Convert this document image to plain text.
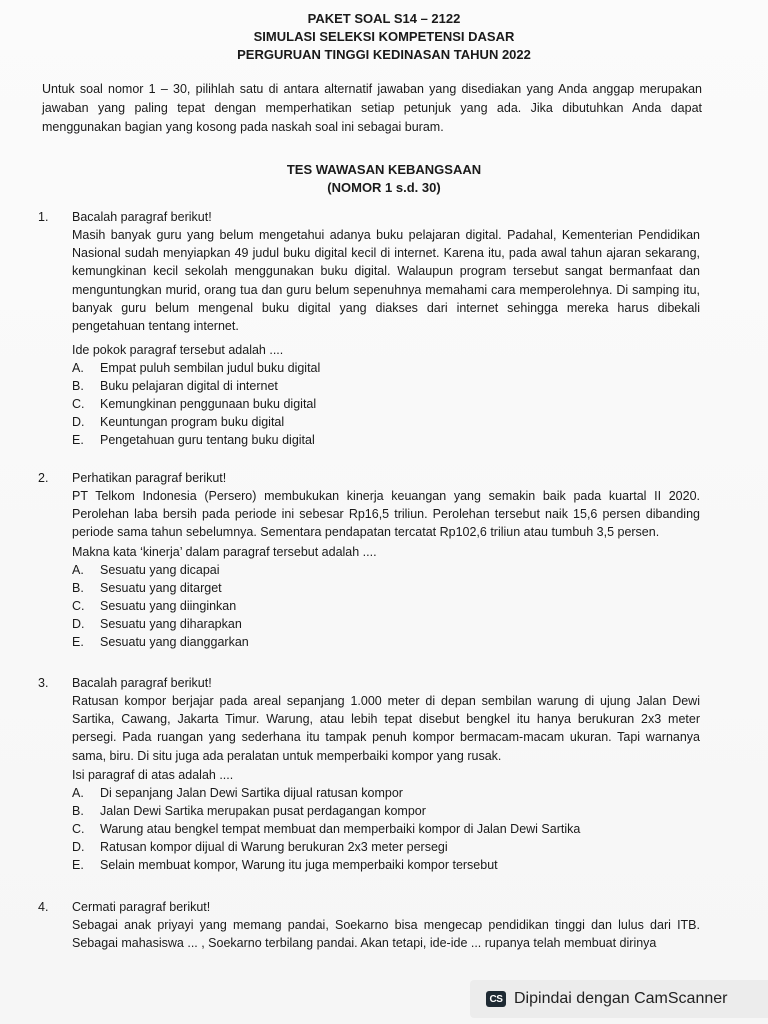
PAKET SOAL S14 – 2122
SIMULASI SELEKSI KOMPETENSI DASAR
PERGURUAN TINGGI KEDINASAN TAHUN 2022
Untuk soal nomor 1 – 30, pilihlah satu di antara alternatif jawaban yang disediakan yang Anda anggap merupakan jawaban yang paling tepat dengan memperhatikan setiap petunjuk yang ada. Jika dibutuhkan Anda dapat menggunakan bagian yang kosong pada naskah soal ini sebagai buram.
TES WAWASAN KEBANGSAAN
(NOMOR 1 s.d. 30)
1. Bacalah paragraf berikut!
Masih banyak guru yang belum mengetahui adanya buku pelajaran digital. Padahal, Kementerian Pendidikan Nasional sudah menyiapkan 49 judul buku digital kecil di internet. Karena itu, pada awal tahun ajaran sekarang, kemungkinan kecil sekolah menggunakan buku digital. Walaupun program tersebut sangat bermanfaat dan menguntungkan murid, orang tua dan guru belum sepenuhnya memahami cara memperolehnya. Di samping itu, banyak guru belum mengenal buku digital yang diakses dari internet sehingga mereka harus dibekali pengetahuan tentang internet.
Ide pokok paragraf tersebut adalah ....
A. Empat puluh sembilan judul buku digital
B. Buku pelajaran digital di internet
C. Kemungkinan penggunaan buku digital
D. Keuntungan program buku digital
E. Pengetahuan guru tentang buku digital
2. Perhatikan paragraf berikut!
PT Telkom Indonesia (Persero) membukukan kinerja keuangan yang semakin baik pada kuartal II 2020. Perolehan laba bersih pada periode ini sebesar Rp16,5 triliun. Perolehan tersebut naik 15,6 persen dibanding periode sama tahun sebelumnya. Sementara pendapatan tercatat Rp102,6 triliun atau tumbuh 3,5 persen.
Makna kata ‘kinerja’ dalam paragraf tersebut adalah ....
A. Sesuatu yang dicapai
B. Sesuatu yang ditarget
C. Sesuatu yang diinginkan
D. Sesuatu yang diharapkan
E. Sesuatu yang dianggarkan
3. Bacalah paragraf berikut!
Ratusan kompor berjajar pada areal sepanjang 1.000 meter di depan sembilan warung di ujung Jalan Dewi Sartika, Cawang, Jakarta Timur. Warung, atau lebih tepat disebut bengkel itu hanya berukuran 2x3 meter persegi. Pada ruangan yang sederhana itu tampak penuh kompor bermacam-macam ukuran. Tapi warnanya sama, biru. Di situ juga ada peralatan untuk memperbaiki kompor yang rusak.
Isi paragraf di atas adalah ....
A. Di sepanjang Jalan Dewi Sartika dijual ratusan kompor
B. Jalan Dewi Sartika merupakan pusat perdagangan kompor
C. Warung atau bengkel tempat membuat dan memperbaiki kompor di Jalan Dewi Sartika
D. Ratusan kompor dijual di Warung berukuran 2x3 meter persegi
E. Selain membuat kompor, Warung itu juga memperbaiki kompor tersebut
4. Cermati paragraf berikut!
Sebagai anak priyayi yang memang pandai, Soekarno bisa mengecap pendidikan tinggi dan lulus dari ITB. Sebagai mahasiswa ... , Soekarno terbilang pandai. Akan tetapi, ide-ide ... rupanya telah membuat dirinya
CS Dipindai dengan CamScanner
